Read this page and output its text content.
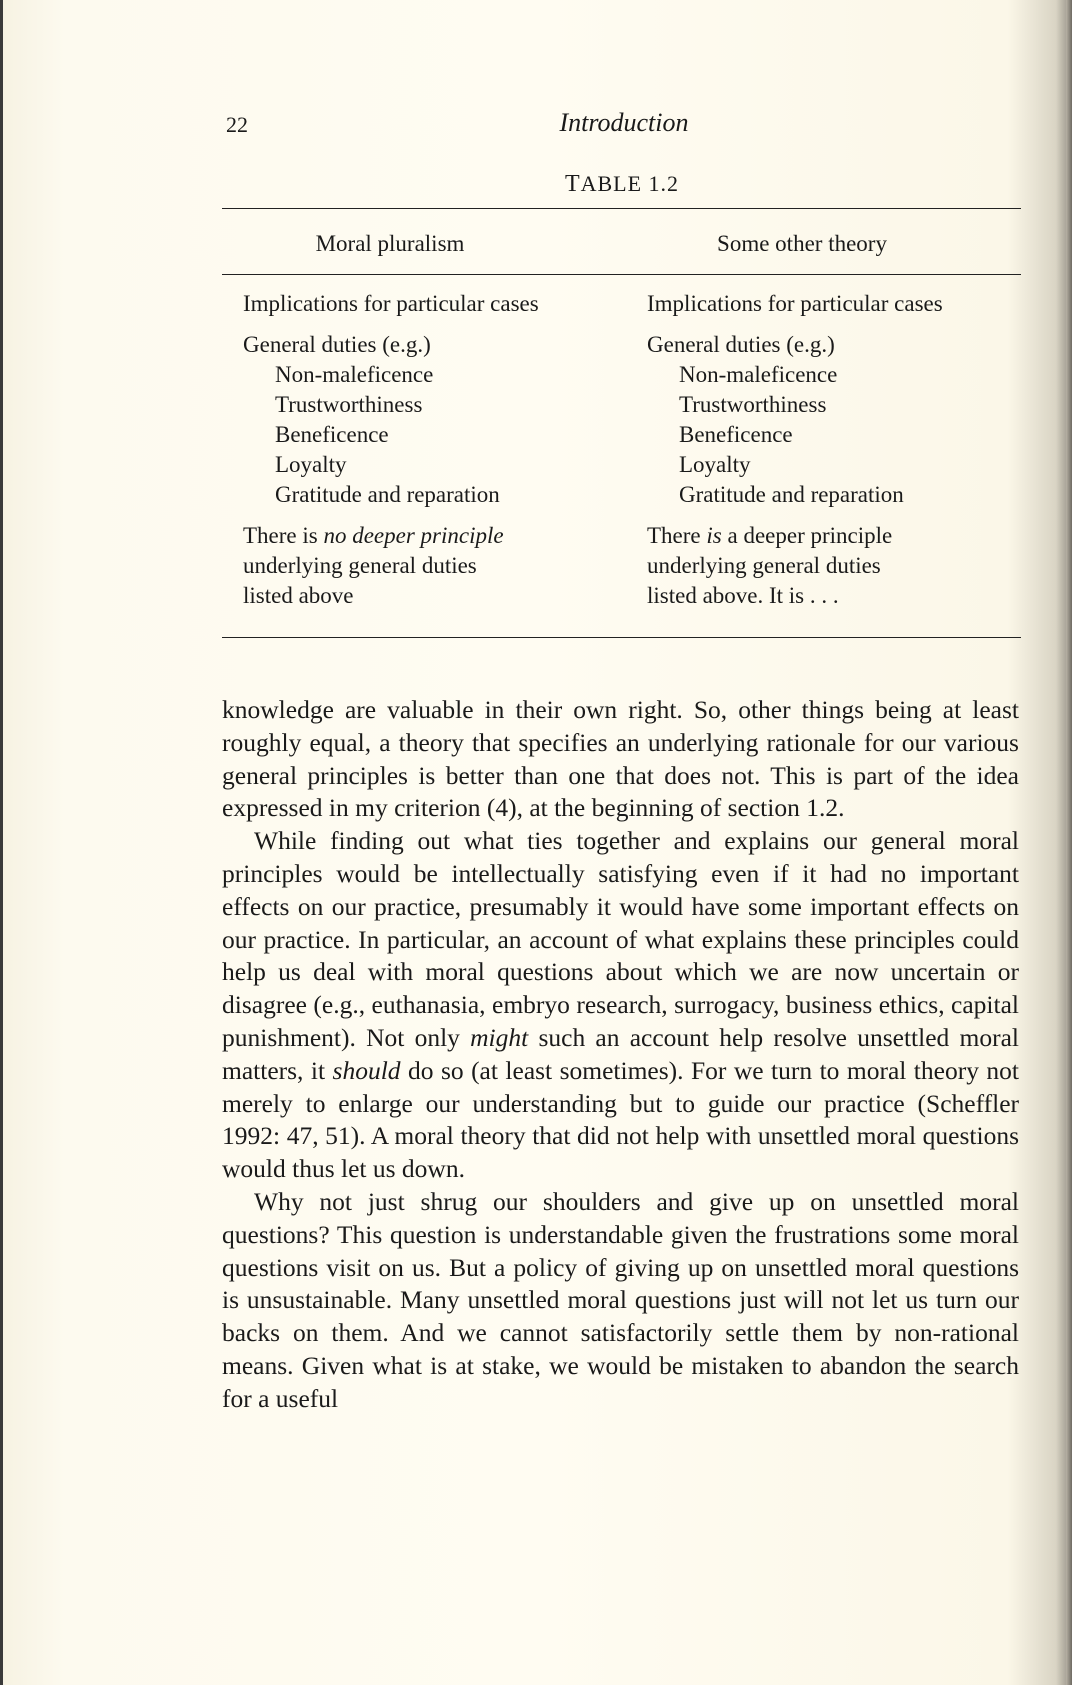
22	Introduction
TABLE 1.2
Moral pluralism	Some other theory
Implications for particular cases
General duties (e.g.)
Non-maleficence
Trustworthiness
Beneficence
Loyalty
Gratitude and reparation
There is no deeper principle
underlying general duties
listed above
Implications for particular cases
General duties (e.g.)
Non-maleficence
Trustworthiness
Beneficence
Loyalty
Gratitude and reparation
There is a deeper principle
underlying general duties
listed above. It is . . .

knowledge are valuable in their own right. So, other things being at least roughly equal, a theory that specifies an underlying rationale for our various general principles is better than one that does not. This is part of the idea expressed in my criterion (4), at the beginning of section 1.2.

While finding out what ties together and explains our general moral principles would be intellectually satisfying even if it had no important effects on our practice, presumably it would have some important effects on our practice. In particular, an account of what explains these principles could help us deal with moral questions about which we are now uncertain or disagree (e.g., euthanasia, embryo research, surrogacy, business ethics, capital punishment). Not only might such an account help resolve unsettled moral matters, it should do so (at least sometimes). For we turn to moral theory not merely to enlarge our understanding but to guide our practice (Scheffler 1992: 47, 51). A moral theory that did not help with unsettled moral questions would thus let us down.

Why not just shrug our shoulders and give up on unsettled moral questions? This question is understandable given the frustrations some moral questions visit on us. But a policy of giving up on unsettled moral questions is unsustainable. Many unsettled moral questions just will not let us turn our backs on them. And we cannot satisfactorily settle them by non-rational means. Given what is at stake, we would be mistaken to abandon the search for a useful
